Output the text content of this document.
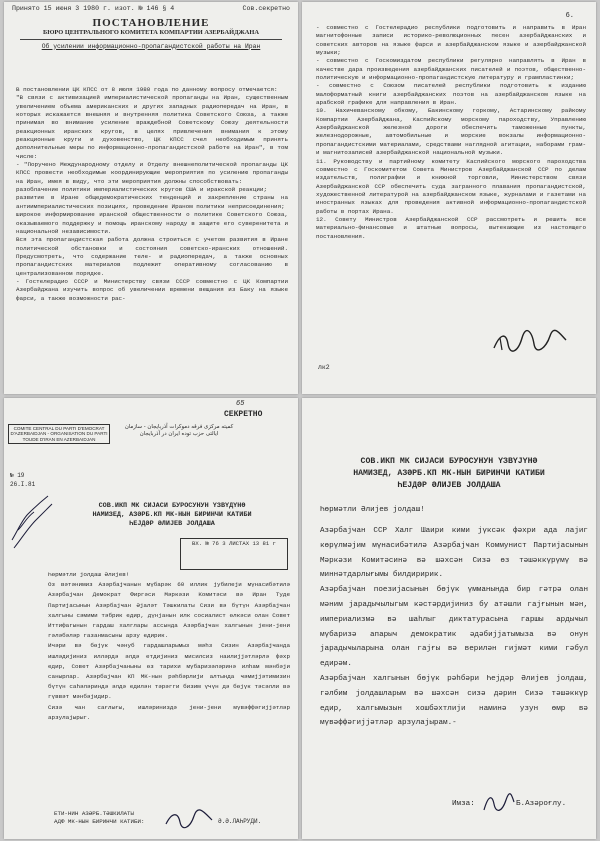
Принято 15 июня 3 1980 г. изот. № 146 § 4	Сов.секретно
ПОСТАНОВЛЕНИЕ
БЮРО ЦЕНТРАЛЬНОГО КОМИТЕТА КОМПАРТИИ АЗЕРБАЙДЖАНА
Об усилении информационно-пропагандистской работы на Иран
В постановлении ЦК КПСС от 8 июля 1980 года по данному вопросу отмечается:
"В связи с активизацией империалистической пропаганды на Иран, существенным увеличением объема американских и других западных радиопередач на Иран, в которых искажается внешняя и внутренняя политика Советского Союза, а также принимая во внимание усиление враждебной Советскому Союзу деятельности реакционных иранских кругов, в целях привлечения внимания к этому реакционные круги и духовенство, ЦК КПСС счел необходимым принять дополнительные меры по информационно-пропагандистской работе на Иран", в том числе:
- "Поручено Международному отделу и Отделу внешнеполитической пропаганды ЦК КПСС провести необходимые координирующие мероприятия по усилению пропаганды на Иран, имея в виду, что эти мероприятия должны способствовать:
разоблачение политики империалистических кругов США и иракской реакции;
развитие в Иране общедемократических тенденций и закрепление страны на антиимпериалистических позициях, проведение Ираном политики неприсоединения;
широкое информирование иранской общественности о политике Советского Союза, оказываемого поддержку и помощь иранскому народу в защите его суверенитета и национальной независимости.
Вся эта пропагандистская работа должна строиться с учетом развития в Иране политической обстановки и состояния советско-иранских отношений. Предусмотреть, что содержание теле- и радиопередач, а также основных пропагандистских материалов подлежит оперативному согласованию в централизованном порядке.
- Гостелерадио СССР и Министерству связи СССР совместно с ЦК Компартии Азербайджана изучить вопрос об увеличении времени вещания из Баку на языке фарси, а также возможности рас-
6.
- совместно с Гостелерадио республики подготовить и направить в Иран магнитофонные записи историко-революционных песен азербайджанских и советских авторов на языке фарси и азербайджанском языке и азербайджанской музыки;
- совместно с Госкомиздатом республики регулярно направлять в Иран в качестве дара произведения азербайджанских писателей и поэтов, общественно-политическую и информационно-пропагандистскую литературу и грампластинки;
- совместно с Союзом писателей республики подготовить к изданию малоформатный книги азербайджанских поэтов на азербайджанском языке на арабской графике для направления в Иран.
10. Нахичеванскому обкому, Бакинскому горкому, Астаринскому райкому Компартии Азербайджана, Каспийскому морскому пароходству, Управлению Азербайджанской железной дороги обеспечить таможенные пункты, железнодорожные, автомобильные и морские вокзалы информационно-пропагандистскими материалами, средствами наглядной агитации, наборами грам- и магнитозаписей азербайджанской национальной музыки.
11. Руководству и партийному комитету Каспийского морского пароходства совместно с Госкомитетом Совета Министров Азербайджанской ССР по делам издательств, полиграфии и книжной торговли, Министерством связи Азербайджанской ССР обеспечить суда загранного плавания пропагандистской, художественной литературой на азербайджанском языке, журналами и газетами на иностранных языках для проведения активной информационно-пропагандистской работы в портах Ирана.
12. Совету Министров Азербайджанской ССР рассмотреть и решить все материально-финансовые и штатные вопросы, вытекающие из настоящего постановления.
лк2
65
СЕКРЕТНО
COMITE CENTRAL DU PARTI D'EMOCRAT D'AZERBAIDJAN - ORGANISATION DU PARTI TOUDE D'IRAN EN AZERBAIDJAN
کمیته مرکزی فرقه دموکرات آذربایجان - سازمان ایالتی حزب توده ایران در آذربایجان
№ 19
26.I.81
СОВ.ИКП МК СИЈАСИ БУРОСУНУН ҮЗВҮДҮНӨ
НАМИЗЕД, АЗӘРБ.КП МК-НЫН БИРИНЧИ КАТИБИ
ҺЕЈДӘР ӘЛИЈЕВ ЈОЛДАША
ВХ. № 76 3 ЛИСТАХ 13 81 г
Һөрмәтли јолдаш Әлијев!
Оз вәтәнимиз Азәрбајҹанын мүбарәк 60 иллик јубилеји мүнасибәтилә Азәрбајҹан Демократ Фиргәси Мәркәзи Комитәси вә Иран Туде Партијасынын Азәрбајҹан Әјаләт Тәшкилаты Сизи вә бүтүн Азәрбајҹан халгыны сәмими тәбрик едир, дүнјанын илк сосиалист өлкәси олан Совет Иттифагынын гардаш халглары ассында Азәрбајҹан халгынын јени-јени гәләбәләр газанмасыны арзу едирик.
Ичәри вә бөјүк ҹәнуб гардашларымыз мәһз Сизин Азәрбајҹанда ишләдијиниз илләрдә әлдә етдијиниз мисилсиз наилијјәтләрлә фәхр едир, Совет Азәрбајҹаныны өз тарихи мүбаризәләринә илһам мәнбәји санырлар. Азәрбајҹан КП МК-нын рәһбәрлији алтында ҹәмијјәтимизин бүтүн саһәләриндә әлдә едилән тәрәгги бизим үчүн дә бөјүк тәсәлли вә гүввәт мәнбәјидир.
Сизә ҹан сағлығы, ишләриниздә јени-јени мүвәффәгијјәтләр арзулајырыг.
ЕТИ-НИН АЗӘРБ.ТӘШКИЛАТЫ
АДФ МК-НЫН БИРИНЧИ КАТИБИ:	Ә.Ә.ЛАҺРУДИ.
СОВ.ИКП МК СИЈАСИ БУРОСУНУН ҮЗВҮЈҮНӘ
НАМИЗЕД, АЗӘРБ.КП МК-НЫН БИРИНЧИ КАТИБИ
ҺЕЈДӘР ӘЛИЈЕВ ЈОЛДАША
Һөрмәтли Әлијев јолдаш!
Азәрбајҹан ССР Халг Шаири кими јүксәк фәхри ада лајиг көрүлмәјим мүнасибәтилә Азәрбајҹан Коммунист Партијасынын Мәркәзи Комитәсинә вә шәхсән Сизә өз тәшәккүрүмү вә миннәтдарлығымы билдиририк.
Азәрбајҹан поезијасынын бөјүк үмманында бир гәтрә олан мәним јарадыҹылыгым кәстәрдијиниз бу атәшли гајғынын мән, империализмә вә шаһлыг диктатурасына гаршы ардыҹыл мүбаризә апарыҹ демократик әдәбијјатымыза вә онун јарадыҹыларына олан гајғы вә верилән гијмәт кими гәбул едирәм.
Азәрбајҹан халгынын бөјүк рәһбәри Һејдәр Әлијев јолдаш, гәлбим јолдашларым вә шәхсән сизә дәрин Сизә тәшәккүр едир, халгымызын хошбәхтлији наминә узун өмр вә мүвәффәгијјәтләр арзулајырам.-
Имза:	Б.Азәроғлу.
